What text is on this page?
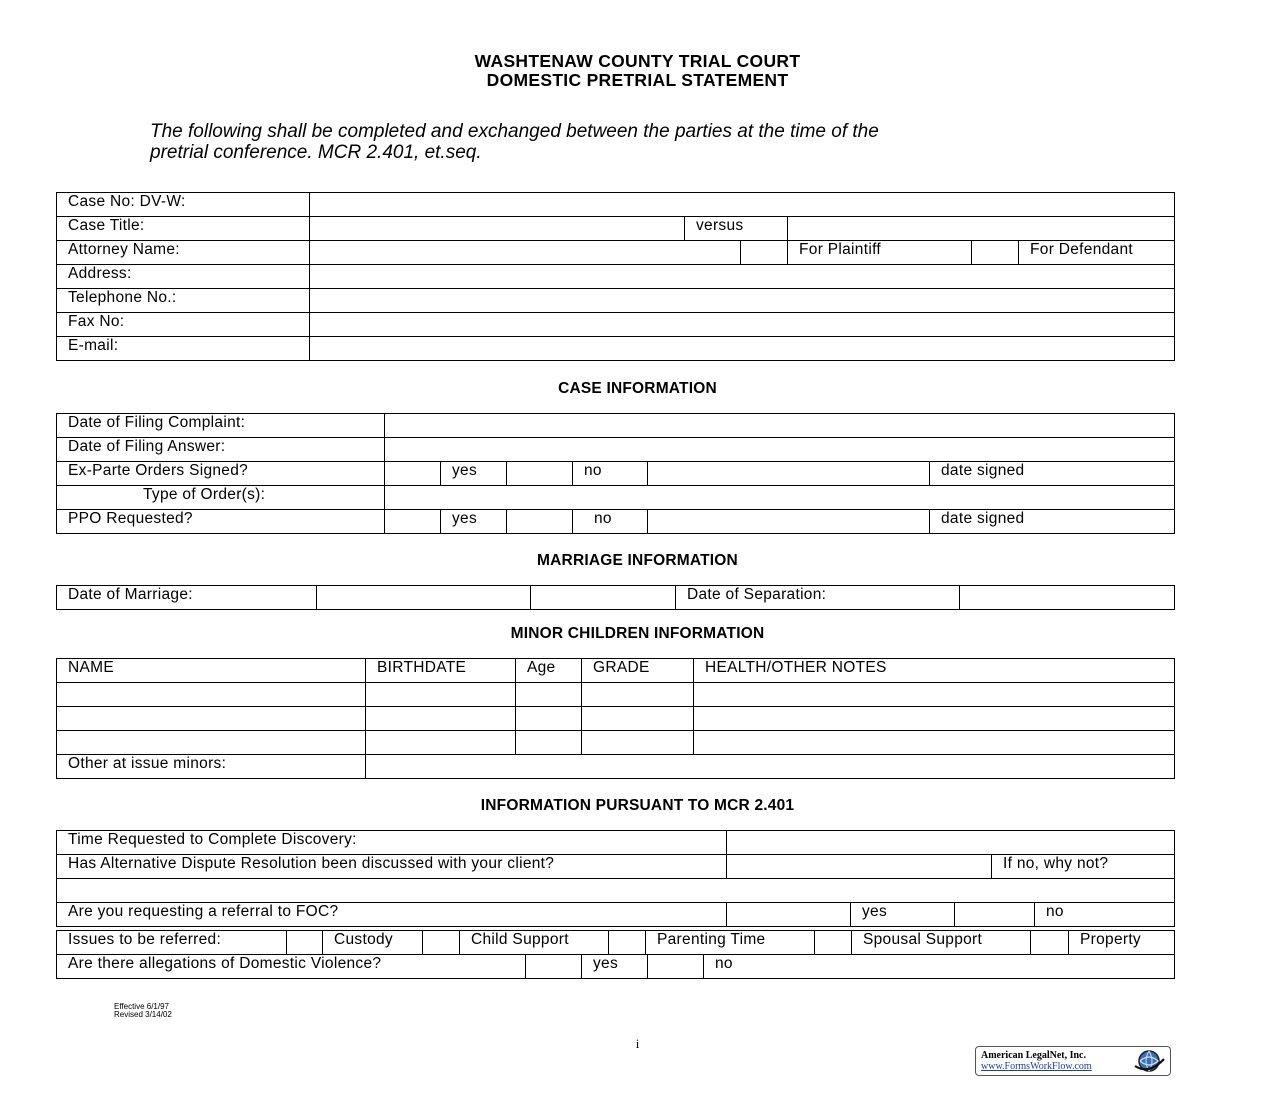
WASHTENAW COUNTY TRIAL COURT
DOMESTIC PRETRIAL STATEMENT
The following shall be completed and exchanged between the parties at the time of the
pretrial conference. MCR 2.401, et.seq.
Case No: DV-W:						
Case Title:		versus				
Attorney Name:				For Plaintiff		For Defendant
Address:						
Telephone No.:						
Fax No:						
E-mail:						
CASE INFORMATION
Date of Filing Complaint:						
Date of Filing Answer:						
Ex-Parte Orders Signed?		yes		no		date signed
Type of Order(s):						
PPO Requested?		yes		no		date signed
MARRIAGE INFORMATION
Date of Marriage:			Date of Separation:	
MINOR CHILDREN INFORMATION
NAME	BIRTHDATE	Age	GRADE	HEALTH/OTHER NOTES

Other at issue minors:				
INFORMATION PURSUANT TO MCR 2.401
Time Requested to Complete Discovery:					
Has Alternative Dispute Resolution been discussed with your client?				If no, why not?	

Are you requesting a referral to FOC?		yes			no
Issues to be referred:		Custody		Child Support		Parenting Time		Spousal Support		Property
Are there allegations of Domestic Violence?		yes		no
Effective 6/1/97
Revised 3/14/02
i
American LegalNet, Inc.
www.FormsWorkFlow.com
